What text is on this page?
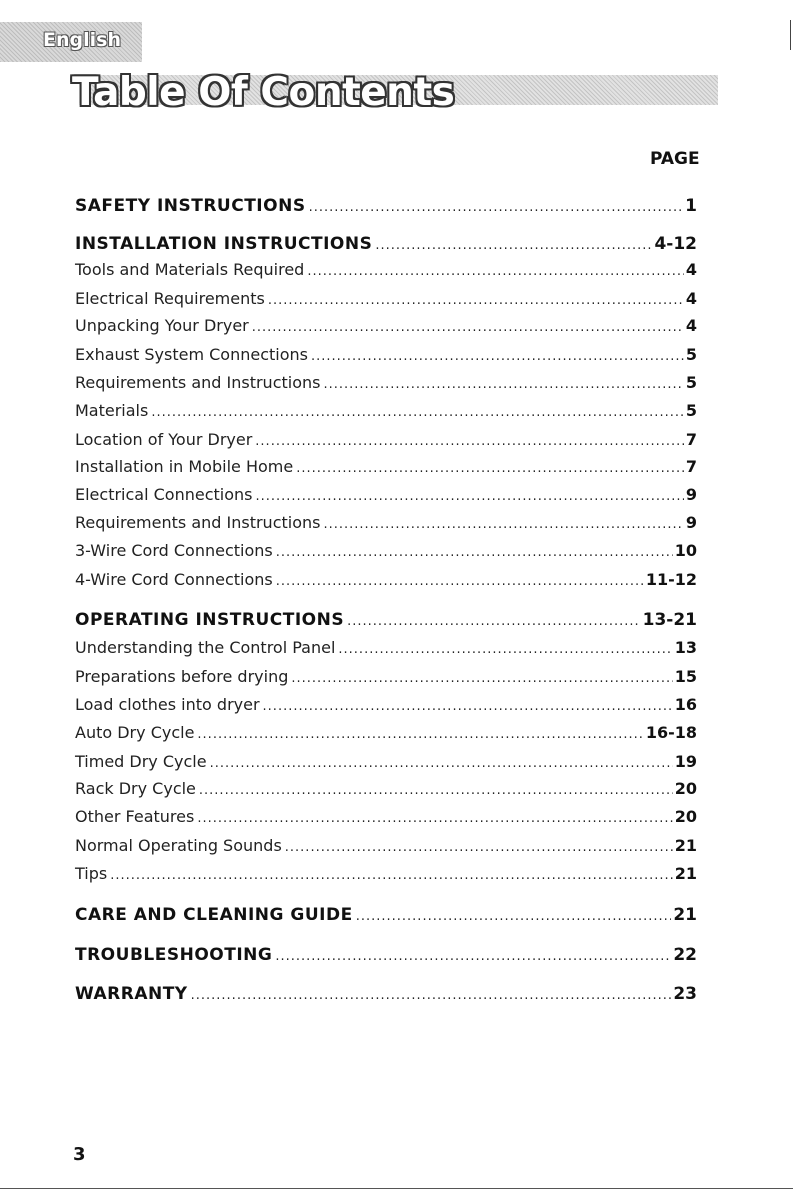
English
Table Of Contents
PAGE
SAFETY INSTRUCTIONS .....	1
INSTALLATION INSTRUCTIONS .....	4-12
Tools and Materials Required .....	4
Electrical Requirements .....	4
Unpacking Your Dryer .....	4
Exhaust System Connections .....	5
Requirements and Instructions .....	5
Materials .....	5
Location of Your Dryer .....	7
Installation in Mobile Home .....	7
Electrical Connections .....	9
Requirements and Instructions .....	9
3-Wire Cord Connections .....	10
4-Wire Cord Connections .....	11-12
OPERATING INSTRUCTIONS .....	13-21
Understanding the Control Panel .....	13
Preparations before drying .....	15
Load clothes into dryer .....	16
Auto Dry Cycle .....	16-18
Timed Dry Cycle .....	19
Rack Dry Cycle .....	20
Other Features .....	20
Normal Operating Sounds .....	21
Tips .....	21
CARE AND CLEANING GUIDE .....	21
TROUBLESHOOTING .....	22
WARRANTY .....	23
3
